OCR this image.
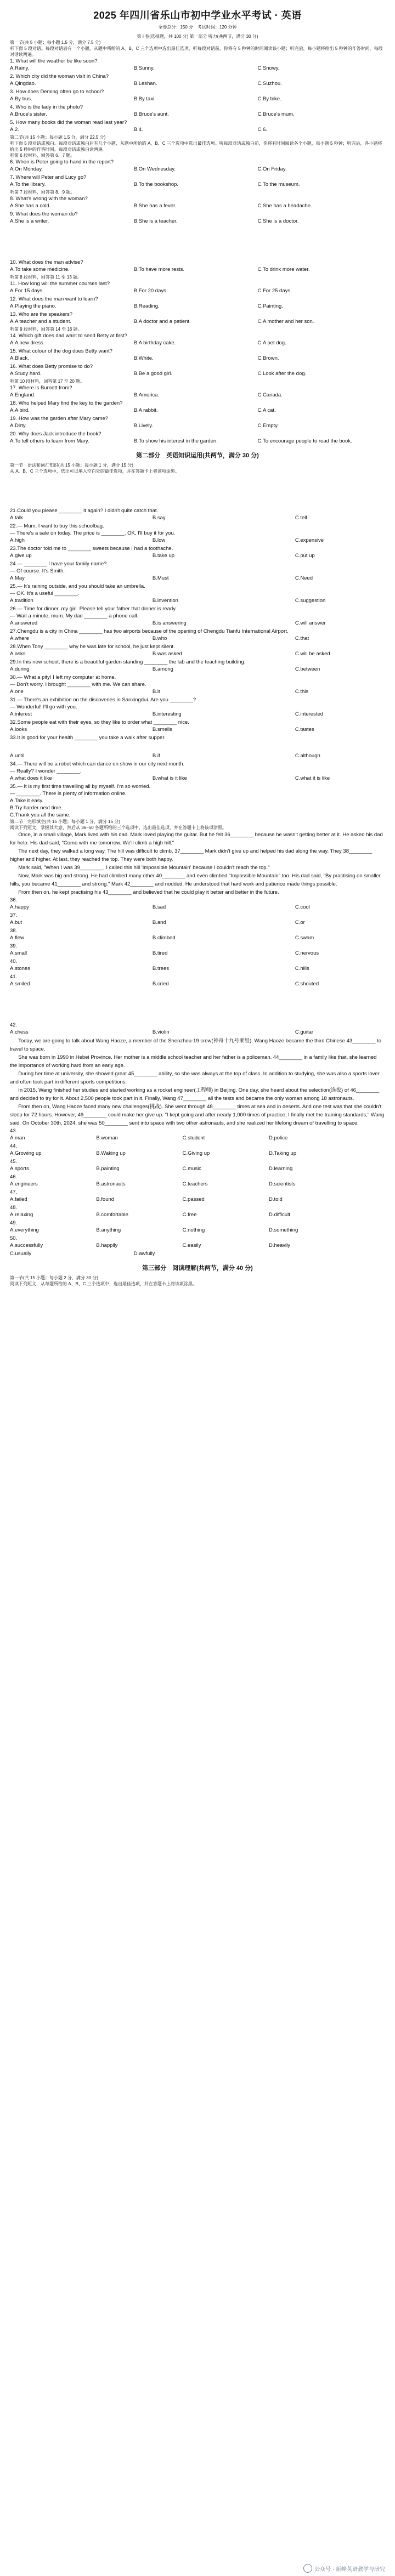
2025 年四川省乐山市初中学业水平考试 · 英语
全卷总分：150 分　考试时间：120 分钟
第 I 卷(选择题，共 100 分) 第一部分 听力(共两节，满分 30 分)
第一节(共 5 小题；每小题 1.5 分，满分 7.5 分)
听下面 5 段对话。每段对话后有一个小题，从题中所给的 A、B、C 三个选项中选出最佳选项，听每段对话前，你将有 5 秒钟的时间阅读该小题；听完后，每小题将给出 5 秒钟的作答时间。每段对话读两遍。
1. What will the weather be like soon?
A.Rainy.	B.Sunny.	C.Snowy.
2. Which city did the woman visit in China?
A.Qingdao.	B.Leshan.	C.Suzhou.
3. How does Deming often go to school?
A.By bus.	B.By taxi.	C.By bike.
4. Who is the lady in the photo?
A.Bruce's sister.	B.Bruce's aunt.	C.Bruce's mum.
5. How many books did the woman read last year?
A.2.	B.4.	C.6.
第二节(共 15 小题；每小题 1.5 分，满分 22.5 分)
听下面 5 段对话或独白。每段对话或独白后有几个小题，从题中所给的 A、B、C 三个选项中选出最佳选项。听每段对话或独白前，你将有时间阅读各个小题，每小题 5 秒钟；听完后，各小题将给出 5 秒钟的作答时间。每段对话或独白读两遍。
听第 6 段材料，回答第 6、7 题。
6. When is Peter going to hand in the report?
A.On Monday.	B.On Wednesday.	C.On Friday.
7. Where will Peter and Lucy go?
A.To the library.	B.To the bookshop.	C.To the museum.
听第 7 段材料，回答第 8、9 题。
8. What's wrong with the woman?
A.She has a cold.	B.She has a fever.	C.She has a headache.
9. What does the woman do?
A.She is a writer.	B.She is a teacher.	C.She is a doctor.
10. What does the man advise?
A.To take some medicine.	B.To have more rests.	C.To drink more water.
听第 8 段材料，回答第 11 至 13 题。
11. How long will the summer courses last?
A.For 15 days.	B.For 20 days.	C.For 25 days.
12. What does the man want to learn?
A.Playing the piano.	B.Reading.	C.Painting.
13. Who are the speakers?
A.A teacher and a student.	B.A doctor and a patient.	C.A mother and her son.
听第 9 段材料，回答第 14 至 16 题。
14. Which gift does dad want to send Betty at first?
A.A new dress.	B.A birthday cake.	C.A pet dog.
15. What colour of the dog does Betty want?
A.Black.	B.White.	C.Brown.
16. What does Betty promise to do?
A.Study hard.	B.Be a good girl.	C.Look after the dog.
听第 10 段材料，回答第 17 至 20 题。
17. Where is Burnett from?
A.England.	B.America.	C.Canada.
18. Who helped Mary find the key to the garden?
A.A bird.	B.A rabbit.	C.A cat.
19. How was the garden after Mary came?
A.Dirty.	B.Lively.	C.Empty.
20. Why does Jack introduce the book?
A.To tell others to learn from Mary.	B.To show his interest in the garden.	C.To encourage people to read the book.
第二部分　英语知识运用(共两节，满分 30 分)
第一节　语法和词汇知识(共 15 小题；每小题 1 分，满分 15 分)
从 A、B、C 三个选项中，选出可以填入空白处的最佳选项，并在答题卡上将该项涂黑。
21.Could you please ________ it again? I didn't quite catch that.
A.talk	B.say	C.tell
22.— Mum, I want to buy this schoolbag.
— There's a sale on today. The price is ________. OK, I'll buy it for you.
A.high	B.low	C.expensive
23.The doctor told me to ________ sweets because I had a toothache.
A.give up	B.take up	C.put up
24.— ________ I have your family name?
— Of course. It's Smith.
A.May	B.Must	C.Need
25.— It's raining outside, and you should take an umbrella.
— OK. It's a useful ________.
A.tradition	B.invention	C.suggestion
26.— Time for dinner, my girl. Please tell your father that dinner is ready.
— Wait a minute, mum. My dad ________ a phone call.
A.answered	B.is answering	C.will answer
27.Chengdu is a city in China ________ has two airports because of the opening of Chengdu Tianfu International Airport.
A.where	B.who	C.that
28.When Tony ________ why he was late for school, he just kept silent.
A.asks	B.was asked	C.will be asked
29.In this new school, there is a beautiful garden standing ________ the lab and the teaching building.
A.during	B.among	C.between
30.— What a pity! I left my computer at home.
— Don't worry. I brought ________ with me. We can share.
A.one	B.it	C.this
31.— There's an exhibition on the discoveries in Sanxingdui. Are you ________?
— Wonderful! I'll go with you.
A.interest	B.interesting	C.interested
32.Some people eat with their eyes, so they like to order what ________ nice.
A.looks	B.smells	C.tastes
33.It is good for your health ________ you take a walk after supper.
A.until	B.if	C.although
34.— There will be a robot which can dance on show in our city next month.
— Really? I wonder ________.
A.what does it like	B.what is it like	C.what it is like
35.— It is my first time travelling all by myself. I'm so worried.
— ________. There is plenty of information online.
A.Take it easy.
B.Try harder next time.
C.Thank you all the same.
第二节　完形填空(共 15 小题；每小题 1 分，满分 15 分)
阅读下列短文，掌握其大意，然后从 36~50 各题所给的三个选项中，选出最佳选项，并在答题卡上将该项涂黑。
Once, in a small village, Mark lived with his dad. Mark loved playing the guitar. But he felt 36________ because he wasn't getting better at it. He asked his dad for help. His dad said, "Come with me tomorrow. We'll climb a high hill."
The next day, they walked a long way. The hill was difficult to climb, 37________ Mark didn't give up and helped his dad along the way. They 38________ higher and higher. At last, they reached the top. They were both happy.
Mark said, "When I was 39________, I called this hill 'Impossible Mountain' because I couldn't reach the top."
Now, Mark was big and strong. He had climbed many other 40________ and even climbed "Impossible Mountain" too. His dad said, "By practising on smaller hills, you became 41________ and strong." Mark 42________ and nodded. He understood that hard work and patience made things possible.
From then on, he kept practising his 43________ and believed that he could play it better and better in the future.
36.
A.happy	B.sad	C.cool
37.
A.but	B.and	C.or
38.
A.flew	B.climbed	C.swam
39.
A.small	B.tired	C.nervous
40.
A.stones	B.trees	C.hills
41.
A.smiled	B.cried	C.shouted
42.
A.chess	B.violin	C.guitar
Today, we are going to talk about Wang Haoze, a member of the Shenzhou-19 crew(神舟十九号乘组). Wang Haoze became the third Chinese 43________ to travel to space.
She was born in 1990 in Hebei Province. Her mother is a middle school teacher and her father is a policeman. 44________ in a family like that, she learned the importance of working hard from an early age.
During her time at university, she showed great 45________ ability, so she was always at the top of class. In addition to studying, she was also a sports lover and often took part in different sports competitions.
In 2015, Wang finished her studies and started working as a rocket engineer(工程师) in Beijing. One day, she heard about the selection(选拔) of 46________ and decided to try for it. About 2,500 people took part in it. Finally, Wang 47________ all the tests and became the only woman among 18 astronauts.
From then on, Wang Haoze faced many new challenges(挑战). She went through 48________ times at sea and in deserts. And one test was that she couldn't sleep for 72 hours. However, 49________ could make her give up. "I kept going and after nearly 1,000 times of practice, I finally met the training standards," Wang said. On October 30th, 2024, she was 50________ sent into space with two other astronauts, and she realized her lifelong dream of travelling to space.
43.
A.man	B.woman	C.student	D.police
44.
A.Growing up	B.Waking up	C.Giving up	D.Taking up
45.
A.sports	B.painting	C.music	D.learning
46.
A.engineers	B.astronauts	C.teachers	D.scientists
47.
A.failed	B.found	C.passed	D.told
48.
A.relaxing	B.comfortable	C.free	D.difficult
49.
A.everything	B.anything	C.nothing	D.something
50.
A.successfully	B.happily	C.easily	D.heavily
C.usually	D.awfully
第三部分　阅读理解(共两节，满分 40 分)
第一节(共 15 小题；每小题 2 分，满分 30 分)
阅读下列短文，从每题所给的 A、B、C 三个选项中，选出最佳选项，并在答题卡上将该项涂黑。
公众号 · 新峰英语教学与研究
